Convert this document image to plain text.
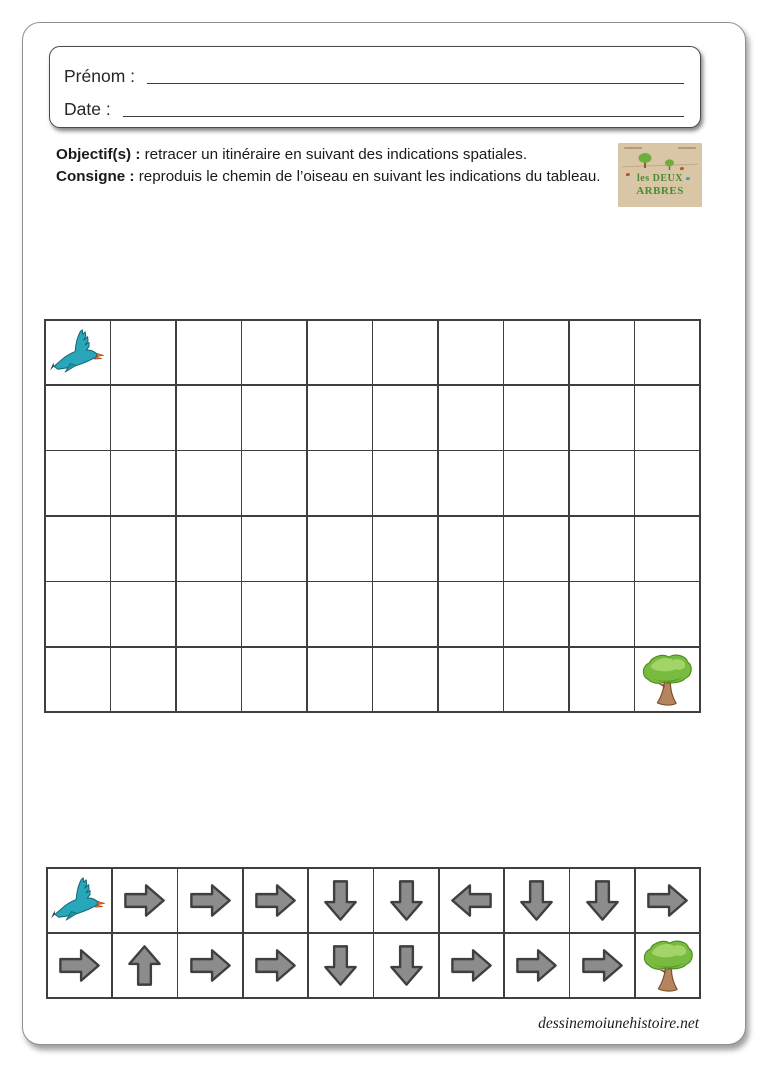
Prénom :
Date :
Objectif(s) : retracer un itinéraire en suivant des indications spatiales.
Consigne : reproduis le chemin de l’oiseau en suivant les indications du tableau.	les DEUX
ARBRES
dessinemoiunehistoire.net
